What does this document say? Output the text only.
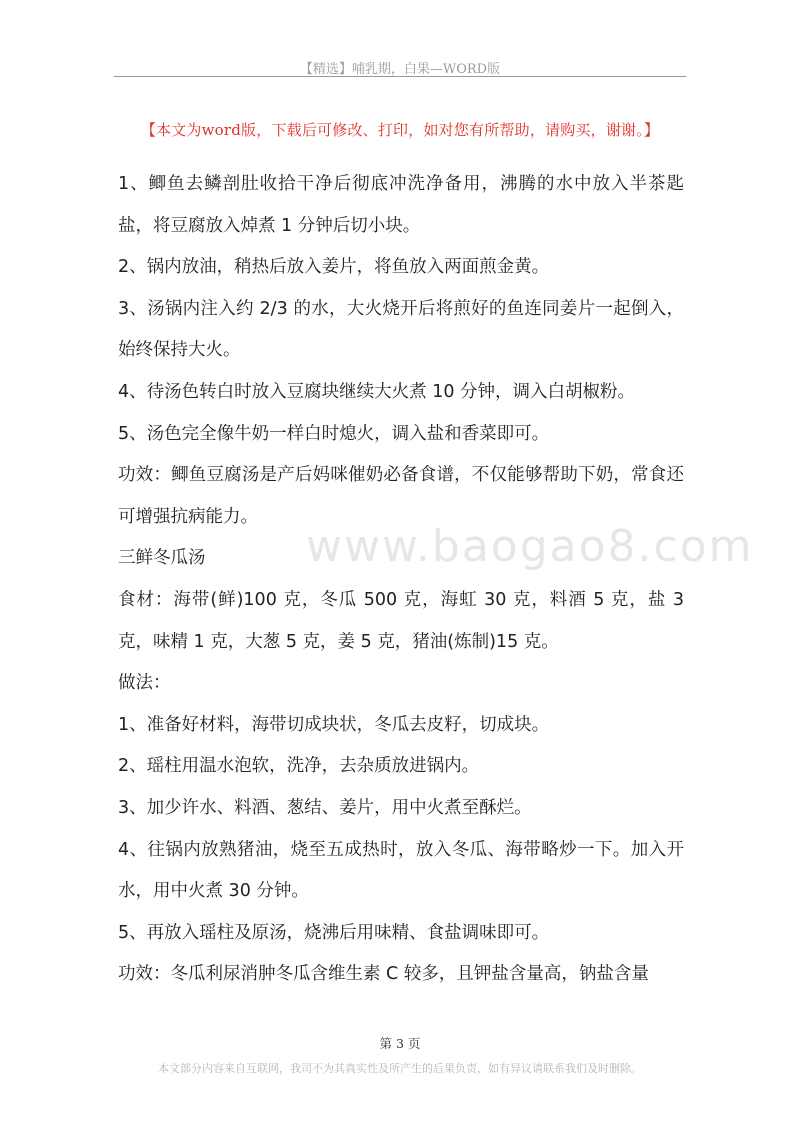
【精选】哺乳期，白果—WORD版
【本文为word版，下载后可修改、打印，如对您有所帮助，请购买，谢谢。】
www.baogao8.com

1、鲫鱼去鳞剖肚收拾干净后彻底冲洗净备用，沸腾的水中放入半茶匙盐，将豆腐放入焯煮 1 分钟后切小块。

2、锅内放油，稍热后放入姜片，将鱼放入两面煎金黄。

3、汤锅内注入约 2/3 的水，大火烧开后将煎好的鱼连同姜片一起倒入，始终保持大火。

4、待汤色转白时放入豆腐块继续大火煮 10 分钟，调入白胡椒粉。

5、汤色完全像牛奶一样白时熄火，调入盐和香菜即可。

功效：鲫鱼豆腐汤是产后妈咪催奶必备食谱，不仅能够帮助下奶，常食还可增强抗病能力。

三鲜冬瓜汤

食材：海带(鲜)100 克，冬瓜 500 克，海虹 30 克，料酒 5 克，盐 3 克，味精 1 克，大葱 5 克，姜 5 克，猪油(炼制)15 克。

做法：

1、准备好材料，海带切成块状，冬瓜去皮籽，切成块。

2、瑶柱用温水泡软，洗净，去杂质放进锅内。

3、加少许水、料酒、葱结、姜片，用中火煮至酥烂。

4、往锅内放熟猪油，烧至五成热时，放入冬瓜、海带略炒一下。加入开水，用中火煮 30 分钟。

5、再放入瑶柱及原汤，烧沸后用味精、食盐调味即可。

功效：冬瓜利尿消肿冬瓜含维生素 C 较多，且钾盐含量高，钠盐含量

第 3 页
本文部分内容来自互联网，我司不为其真实性及所产生的后果负责，如有异议请联系我们及时删除。
